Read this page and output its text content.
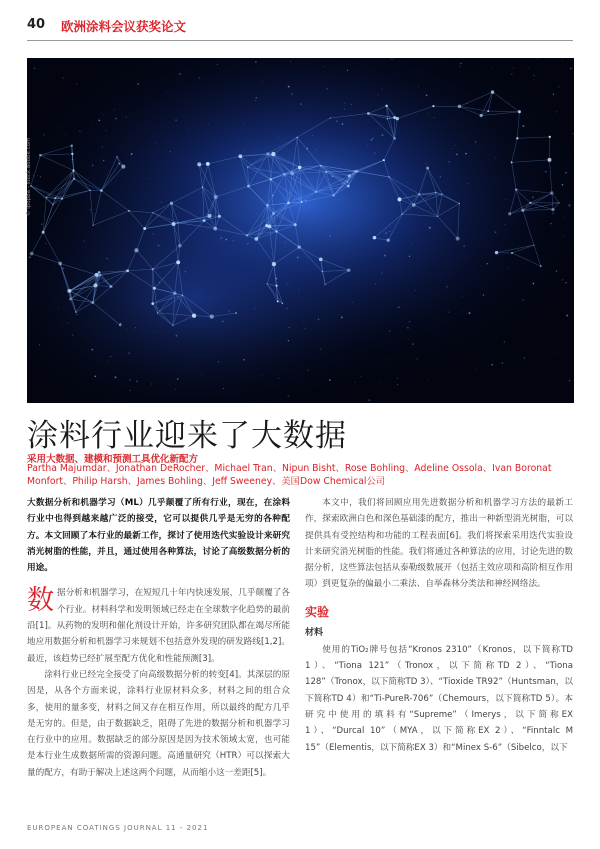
40 欧洲涂料会议获奖论文
© ipopba - stock.adobe.com
涂料行业迎来了大数据
采用大数据、建模和预测工具优化新配方
Partha Majumdar、Jonathan DeRocher、Michael Tran、Nipun Bisht、Rose Bohling、Adeline Ossola、Ivan Boronat Monfort、Philip Harsh、James Bohling、Jeff Sweeney、美国Dow Chemical公司

大数据分析和机器学习（ML）几乎颠覆了所有行业，现在，在涂料行业中也得到越来越广泛的接受，它可以提供几乎是无穷的各种配方。本文回顾了本行业的最新工作，探讨了使用迭代实验设计来研究消光树脂的性能，并且，通过使用各种算法，讨论了高级数据分析的用途。

数据分析和机器学习，在短短几十年内快速发展，几乎颠覆了各个行业。材料科学和发明领域已经走在全球数字化趋势的最前沿[1]。从药物的发明和催化剂设计开始，许多研究团队都在竭尽所能地应用数据分析和机器学习来规划不包括意外发现的研发路线[1,2]。最近，该趋势已经扩展至配方优化和性能预测[3]。

涂料行业已经完全接受了向高级数据分析的转变[4]。其深层的原因是，从各个方面来说，涂料行业原材料众多，材料之间的组合众多，使用的量多变，材料之间又存在相互作用，所以最终的配方几乎是无穷的。但是，由于数据缺乏，阻碍了先进的数据分析和机器学习在行业中的应用。数据缺乏的部分原因是因为技术领域太宽，也可能是本行业生成数据所需的资源问题。高通量研究（HTR）可以探索大量的配方，有助于解决上述这两个问题，从而缩小这一差距[5]。

本文中，我们将回顾应用先进数据分析和机器学习方法的最新工作，探索欧洲白色和深色基础漆的配方，推出一种新型消光树脂，可以提供具有受控结构和功能的工程表面[6]。我们将探索采用迭代实验设计来研究消光树脂的性能。我们将通过各种算法的应用，讨论先进的数据分析，这些算法包括从泰勒级数展开（包括主效应项和高阶相互作用项）到更复杂的偏最小二乘法、自举森林分类法和神经网络法。

实验
材料

使用的TiO₂牌号包括“Kronos 2310”（Kronos，以下简称TD 1）、“Tiona 121”（Tronox，以下简称TD 2）、“Tiona 128”（Tronox，以下简称TD 3）、“Tioxide TR92”（Huntsman，以下简称TD 4）和“Ti-PureR-706”（Chemours，以下简称TD 5）。本研究中使用的填料有“Supreme”（Imerys，以下简称EX 1）、“Durcal 10”（MYA，以下简称EX 2）、“Finntalc M 15”（Elementis，以下简称EX 3）和“Minex S-6”（Sibelco，以下

EUROPEAN COATINGS JOURNAL 11 - 2021
